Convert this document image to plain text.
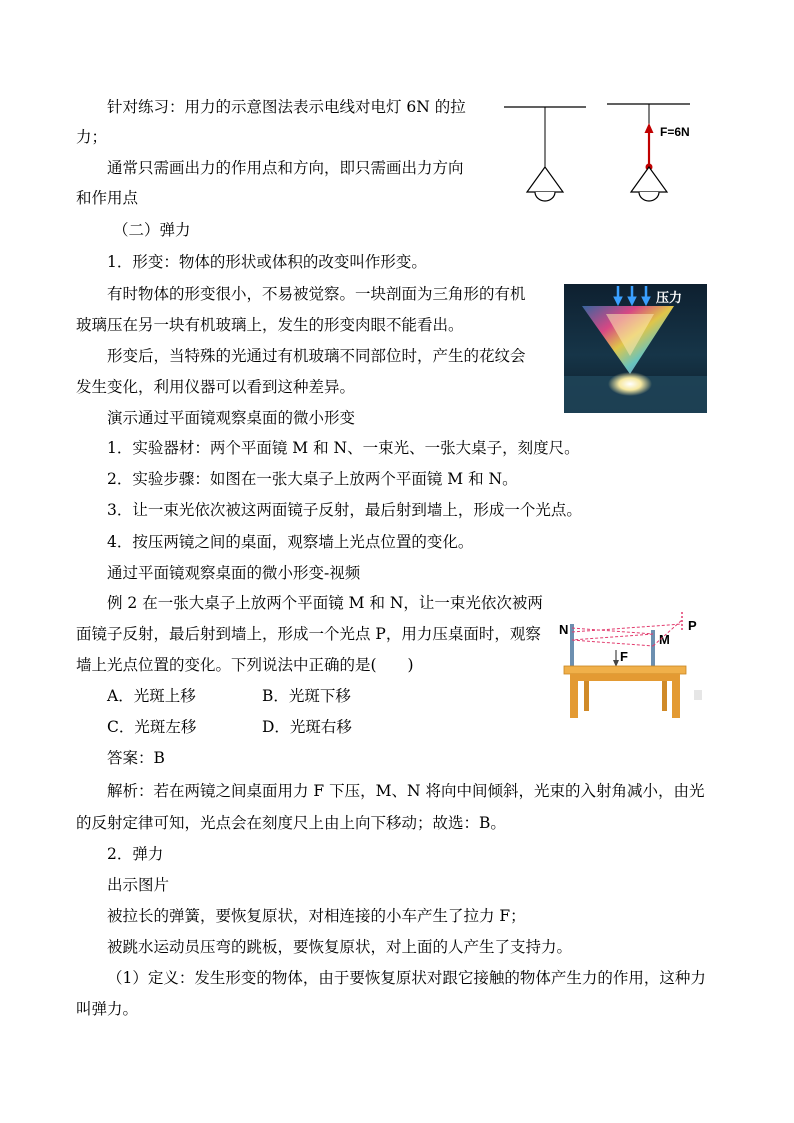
针对练习：用力的示意图法表示电线对电灯 6N 的拉
力；
通常只需画出力的作用点和方向，即只需画出力方向
和作用点
（二）弹力
1．形变：物体的形状或体积的改变叫作形变。
有时物体的形变很小，不易被觉察。一块剖面为三角形的有机
玻璃压在另一块有机玻璃上，发生的形变肉眼不能看出。
形变后，当特殊的光通过有机玻璃不同部位时，产生的花纹会
发生变化，利用仪器可以看到这种差异。
演示通过平面镜观察桌面的微小形变
1．实验器材：两个平面镜 M 和 N、一束光、一张大桌子，刻度尺。
2．实验步骤：如图在一张大桌子上放两个平面镜 M 和 N。
3．让一束光依次被这两面镜子反射，最后射到墙上，形成一个光点。
4．按压两镜之间的桌面，观察墙上光点位置的变化。
通过平面镜观察桌面的微小形变-视频
例 2 在一张大桌子上放两个平面镜 M 和 N，让一束光依次被两
面镜子反射，最后射到墙上，形成一个光点 P，用力压桌面时，观察
墙上光点位置的变化。下列说法中正确的是(　　)
A．光斑上移	B．光斑下移
C．光斑左移	D．光斑右移
答案：B
解析：若在两镜之间桌面用力 F 下压，M、N 将向中间倾斜，光束的入射角减小，由光
的反射定律可知，光点会在刻度尺上由上向下移动；故选：B。
2．弹力
出示图片
被拉长的弹簧，要恢复原状，对相连接的小车产生了拉力 F；
被跳水运动员压弯的跳板，要恢复原状，对上面的人产生了支持力。
（1）定义：发生形变的物体，由于要恢复原状对跟它接触的物体产生力的作用，这种力
叫弹力。
F=6N
压力
N
M
P
F
